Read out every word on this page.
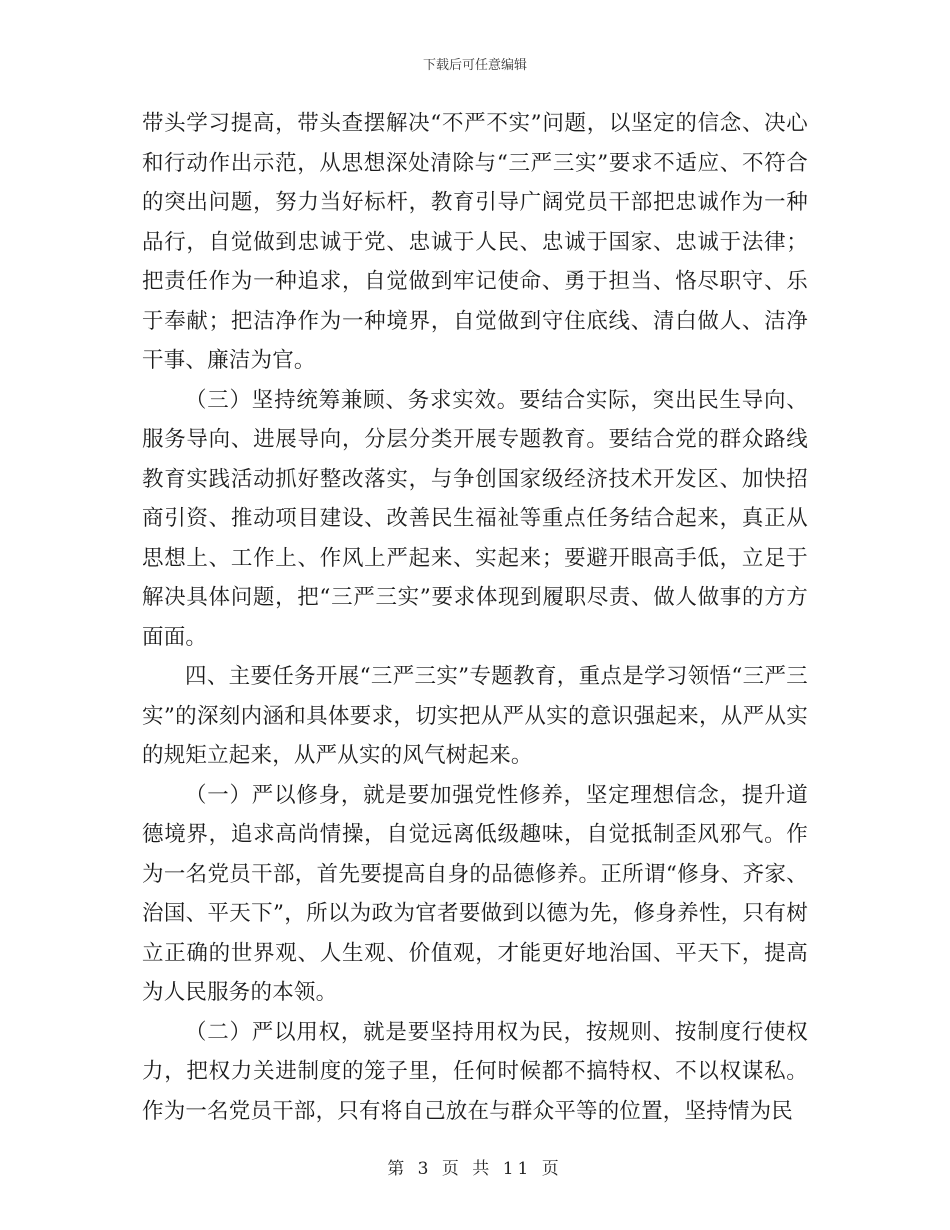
下载后可任意编辑

带头学习提高，带头查摆解决“不严不实”问题，以坚定的信念、决心和行动作出示范，从思想深处清除与“三严三实”要求不适应、不符合的突出问题，努力当好标杆，教育引导广阔党员干部把忠诚作为一种品行，自觉做到忠诚于党、忠诚于人民、忠诚于国家、忠诚于法律；把责任作为一种追求，自觉做到牢记使命、勇于担当、恪尽职守、乐于奉献；把洁净作为一种境界，自觉做到守住底线、清白做人、洁净干事、廉洁为官。

（三）坚持统筹兼顾、务求实效。要结合实际，突出民生导向、服务导向、进展导向，分层分类开展专题教育。要结合党的群众路线教育实践活动抓好整改落实，与争创国家级经济技术开发区、加快招商引资、推动项目建设、改善民生福祉等重点任务结合起来，真正从思想上、工作上、作风上严起来、实起来；要避开眼高手低，立足于解决具体问题，把“三严三实”要求体现到履职尽责、做人做事的方方面面。

四、主要任务开展“三严三实”专题教育，重点是学习领悟“三严三实”的深刻内涵和具体要求，切实把从严从实的意识强起来，从严从实的规矩立起来，从严从实的风气树起来。

（一）严以修身，就是要加强党性修养，坚定理想信念，提升道德境界，追求高尚情操，自觉远离低级趣味，自觉抵制歪风邪气。作为一名党员干部，首先要提高自身的品德修养。正所谓“修身、齐家、治国、平天下”，所以为政为官者要做到以德为先，修身养性，只有树立正确的世界观、人生观、价值观，才能更好地治国、平天下，提高为人民服务的本领。

（二）严以用权，就是要坚持用权为民，按规则、按制度行使权力，把权力关进制度的笼子里，任何时候都不搞特权、不以权谋私。作为一名党员干部，只有将自己放在与群众平等的位置，坚持情为民

第 3 页 共 11 页
